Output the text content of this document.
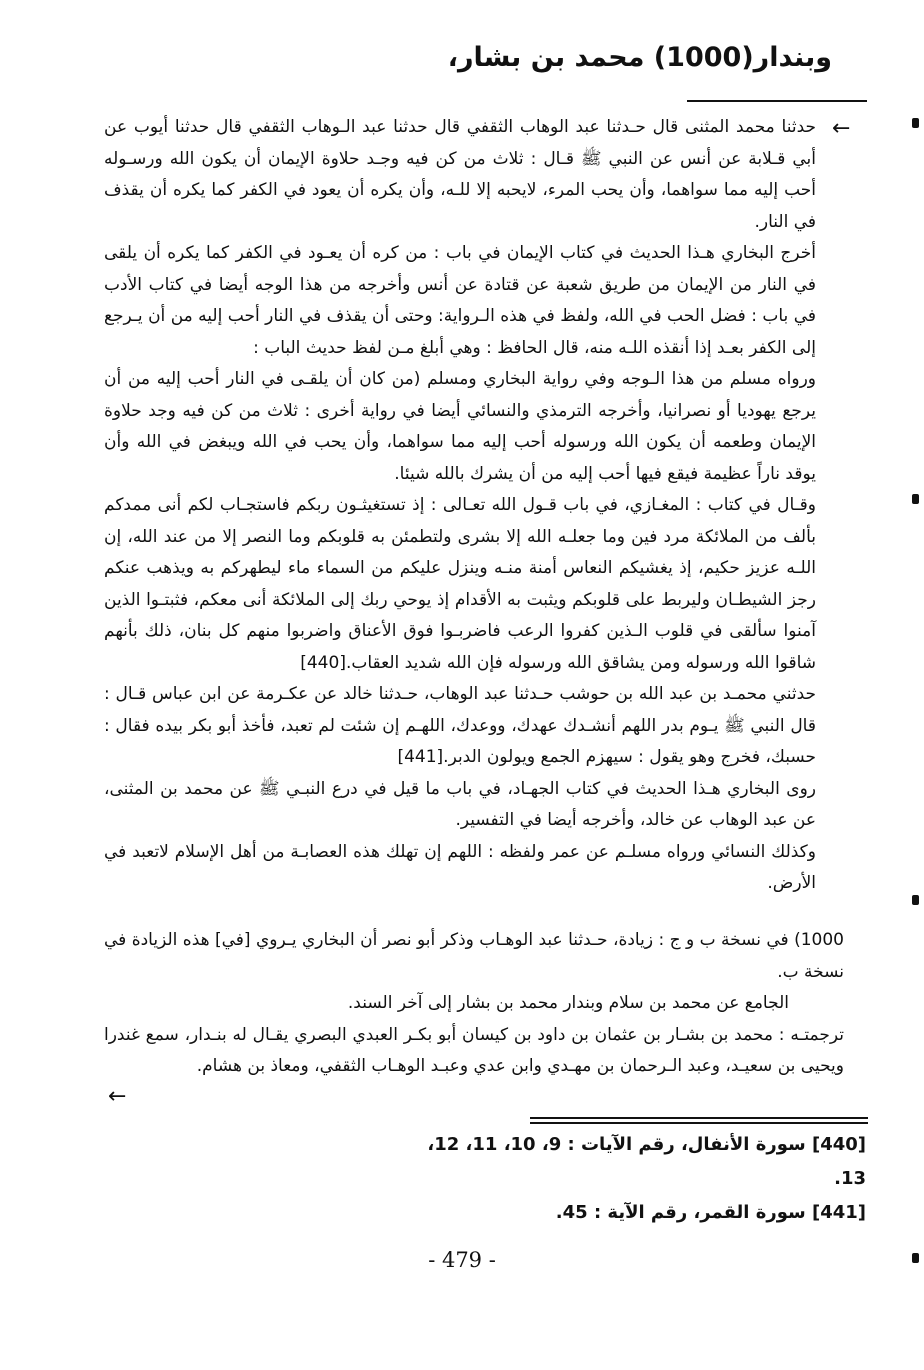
وبندار(1000) محمد بن بشار،
←

حدثنا محمد المثنى قال حـدثنا عبد الوهاب الثقفي قال حدثنا عبد الـوهاب الثقفي قال حدثنا أيوب عن أبي قـلابة عن أنس عن النبي ﷺ قـال : ثلاث من كن فيه وجـد حلاوة الإيمان أن يكون الله ورسـوله أحب إليه مما سواهما، وأن يحب المرء، لايحبه إلا للـه، وأن يكره أن يعود في الكفر كما يكره أن يقذف في النار.

أخرج البخاري هـذا الحديث في كتاب الإيمان في باب : من كره أن يعـود في الكفر كما يكره أن يلقى في النار من الإيمان من طريق شعبة عن قتادة عن أنس وأخرجه من هذا الوجه أيضا في كتاب الأدب في باب : فضل الحب في الله، ولفظ في هذه الـرواية: وحتى أن يقذف في النار أحب إليه من أن يـرجع إلى الكفر بعـد إذا أنقذه اللـه منه، قال الحافظ : وهي أبلغ مـن لفظ حديث الباب :

ورواه مسلم من هذا الـوجه وفي رواية البخاري ومسلم (من كان أن يلقـى في النار أحب إليه من أن يرجع يهوديا أو نصرانيا، وأخرجه الترمذي والنسائي أيضا في رواية أخرى : ثلاث من كن فيه وجد حلاوة الإيمان وطعمه أن يكون الله ورسوله أحب إليه مما سواهما، وأن يحب في الله ويبغض في الله وأن يوقد ناراً عظيمة فيقع فيها أحب إليه من أن يشرك بالله شيئا.

وقـال في كتاب : المغـازي، في باب قـول الله تعـالى : إذ تستغيثـون ربكم فاستجـاب لكم أنى ممدكم بألف من الملائكة مرد فين وما جعلـه الله إلا بشرى ولتطمئن به قلوبكم وما النصر إلا من عند الله، إن اللـه عزيز حكيم، إذ يغشيكم النعاس أمنة منـه وينزل عليكم من السماء ماء ليطهركم به ويذهب عنكم رجز الشيطـان وليربط على قلوبكم ويثبت به الأقدام إذ يوحي ربك إلى الملائكة أنى معكم، فثبتـوا الذين آمنوا سألقى في قلوب الـذين كفروا الرعب فاضربـوا فوق الأعناق واضربوا منهم كل بنان، ذلك بأنهم شاقوا الله ورسوله ومن يشاقق الله ورسوله فإن الله شديد العقاب.[440]

حدثني محمـد بن عبد الله بن حوشب حـدثنا عبد الوهاب، حـدثنا خالد عن عكـرمة عن ابن عباس قـال : قال النبي ﷺ يـوم بدر اللهم أنشـدك عهدك، ووعدك، اللهـم إن شئت لم تعبد، فأخذ أبو بكر بيده فقال : حسبك، فخرج وهو يقول : سيهزم الجمع ويولون الدبر.[441]

روى البخاري هـذا الحديث في كتاب الجهـاد، في باب ما قيل في درع النبـي ﷺ عن محمد بن المثنى، عن عبد الوهاب عن خالد، وأخرجه أيضا في التفسير.

وكذلك النسائي ورواه مسلـم عن عمر ولفظه : اللهم إن تهلك هذه العصابـة من أهل الإسلام لاتعبد في الأرض.

1000) في نسخة ب و ج : زيادة، حـدثنا عبد الوهـاب وذكر أبو نصر أن البخاري يـروي [في] هذه الزيادة في نسخة ب.

الجامع عن محمد بن سلام وبندار محمد بن بشار إلى آخر السند.

ترجمتـه : محمد بن بشـار بن عثمان بن داود بن كيسان أبو بكـر العبدي البصري يقـال له بنـدار، سمع غندرا ويحيى بن سعيـد، وعبد الـرحمان بن مهـدي وابن عدي وعبـد الوهـاب الثقفي، ومعاذ بن هشام.

←

[440] سورة الأنفال، رقم الآيات : 9، 10، 11، 12، 13.

[441] سورة القمر، رقم الآية : 45.

- 479 -
